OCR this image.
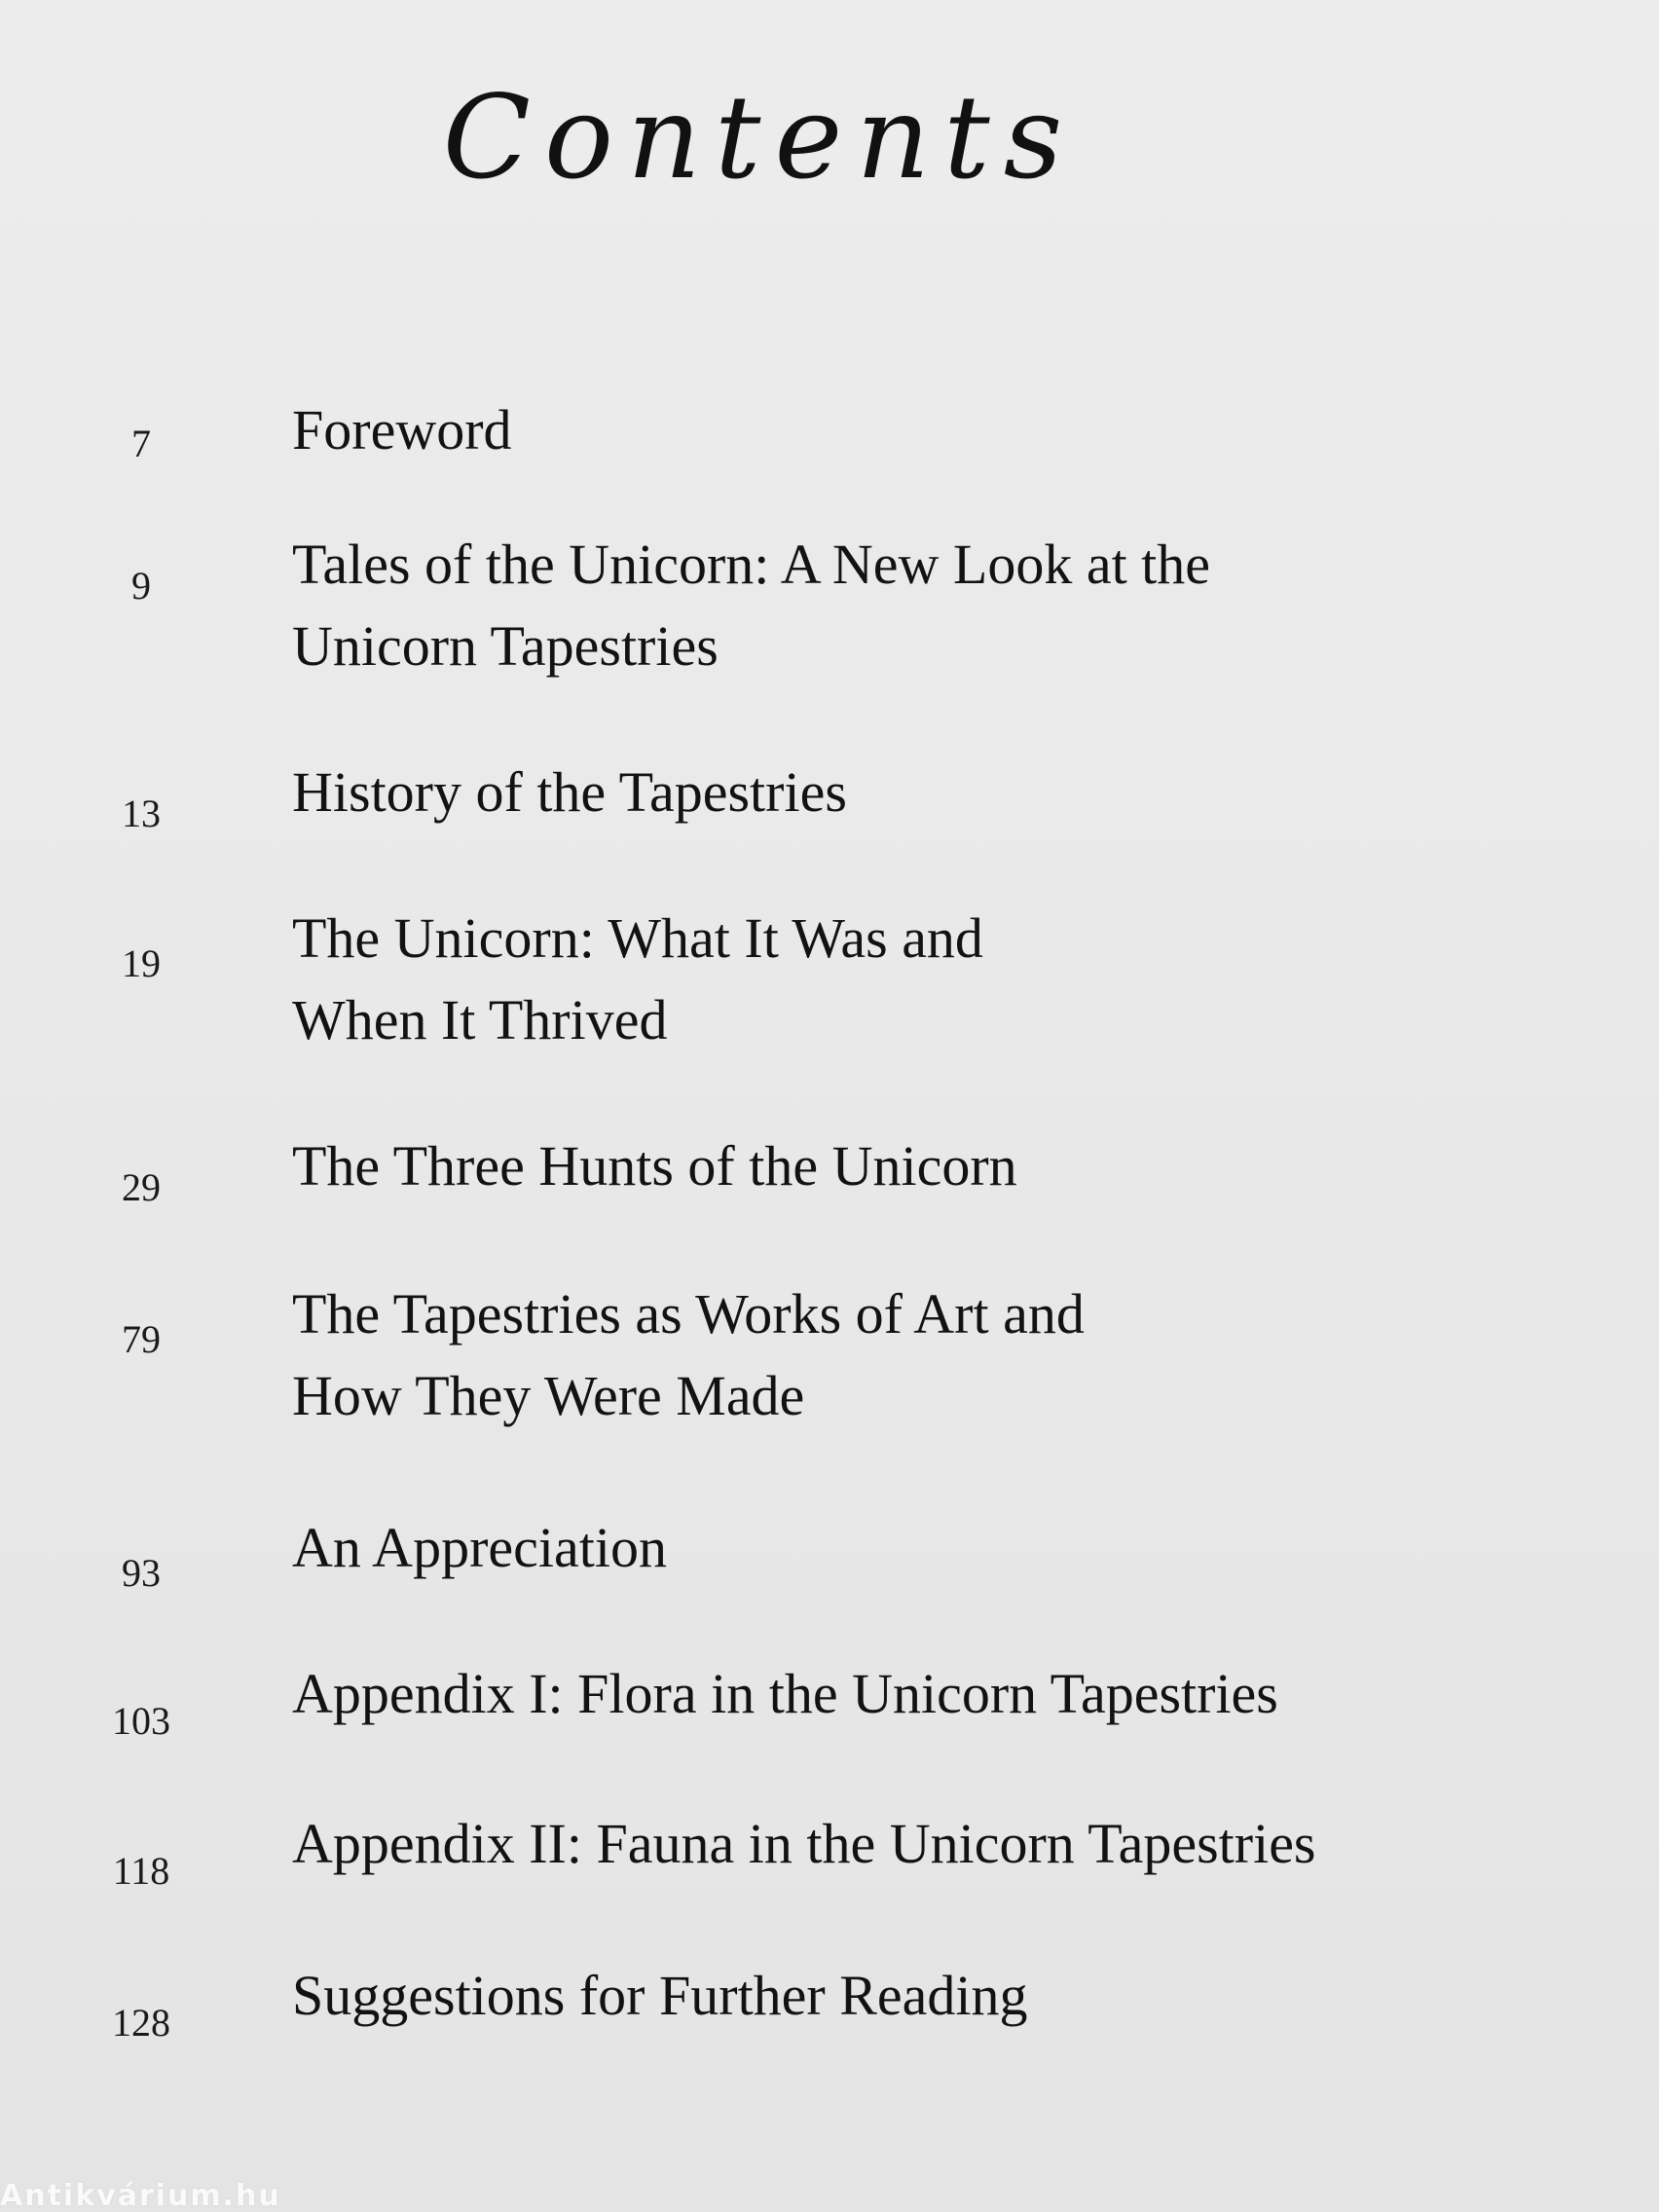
Contents
7	Foreword
9	Tales of the Unicorn: A New Look at the
Unicorn Tapestries
13 History of the Tapestries
19 The Unicorn: What It Was and
When It Thrived
29 The Three Hunts of the Unicorn
79 The Tapestries as Works of Art and
How They Were Made
93 An Appreciation
103 Appendix I: Flora in the Unicorn Tapestries
118 Appendix II: Fauna in the Unicorn Tapestries
128 Suggestions for Further Reading
Antikvárium.hu
